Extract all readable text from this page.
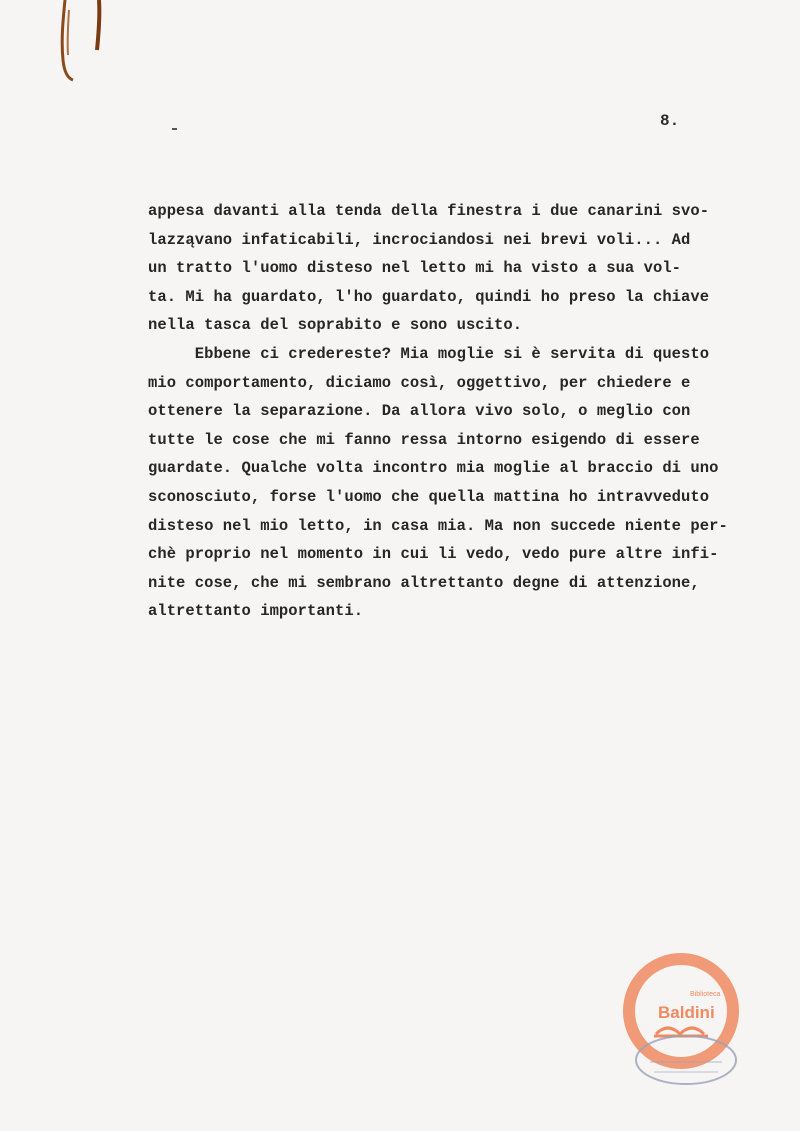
8.
appesa davanti alla tenda della finestra i due canarini svo-
lazząvano infaticabili, incrociandosi nei brevi voli... Ad
un tratto l'uomo disteso nel letto mi ha visto a sua vol-
ta. Mi ha guardato, l'ho guardato, quindi ho preso la chiave
nella tasca del soprabito e sono uscito.
Ebbene ci credereste? Mia moglie si è servita di questo
mio comportamento, diciamo così, oggettivo, per chiedere e
ottenere la separazione. Da allora vivo solo, o meglio con
tutte le cose che mi fanno ressa intorno esigendo di essere
guardate. Qualche volta incontro mia moglie al braccio di uno
sconosciuto, forse l'uomo che quella mattina ho intravveduto
disteso nel mio letto, in casa mia. Ma non succede niente per-
chè proprio nel momento in cui li vedo, vedo pure altre infi-
nite cose, che mi sembrano altrettanto degne di attenzione,
altrettanto importanti.
Biblioteca
Baldini
